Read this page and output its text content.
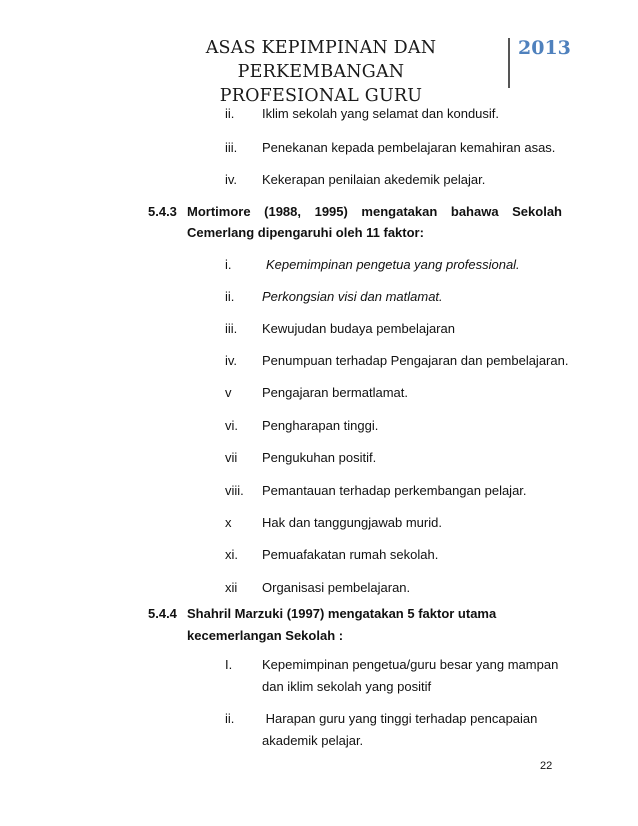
ASAS KEPIMPINAN DAN PERKEMBANGAN
PROFESIONAL GURU
2013
ii. Iklim sekolah yang selamat dan kondusif.
iii. Penekanan kepada pembelajaran kemahiran asas.
iv. Kekerapan penilaian akedemik pelajar.
5.4.3 Mortimore (1988, 1995) mengatakan bahawa Sekolah
Cemerlang dipengaruhi oleh 11 faktor:
i.	Kepemimpinan pengetua yang professional.
ii. Perkongsian visi dan matlamat.
iii. Kewujudan budaya pembelajaran
iv. Penumpuan terhadap Pengajaran dan pembelajaran.
v Pengajaran bermatlamat.
vi. Pengharapan tinggi.
vii Pengukuhan positif.
viii. Pemantauan terhadap perkembangan pelajar.
x Hak dan tanggungjawab murid.
xi. Pemuafakatan rumah sekolah.
xii Organisasi pembelajaran.
5.4.4 Shahril Marzuki (1997) mengatakan 5 faktor utama
kecemerlangan Sekolah :
I. Kepemimpinan pengetua/guru besar yang mampan
dan iklim sekolah yang positif
ii. Harapan guru yang tinggi terhadap pencapaian
akademik pelajar.
22
